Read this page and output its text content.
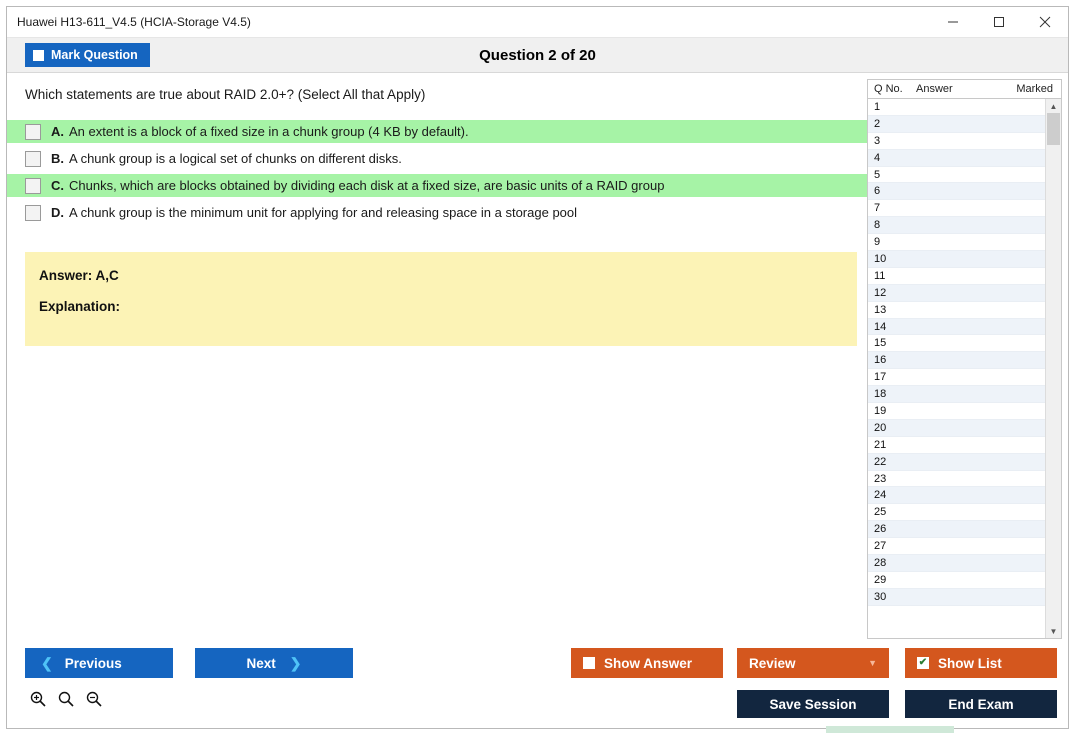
Huawei H13-611_V4.5 (HCIA-Storage V4.5)
Mark Question	Question 2 of 20
Which statements are true about RAID 2.0+? (Select All that Apply)
A. An extent is a block of a fixed size in a chunk group (4 KB by default).
B. A chunk group is a logical set of chunks on different disks.
C. Chunks, which are blocks obtained by dividing each disk at a fixed size, are basic units of a RAID group
D. A chunk group is the minimum unit for applying for and releasing space in a storage pool
Answer: A,C
Explanation:
Q No.	Answer	Marked
1
2
3
4
5
6
7
8
9
10
11
12
13
14
15
16
17
18
19
20
21
22
23
24
25
26
27
28
29
30
▲
▼
❮ Previous	Next ❯	Show Answer	Review	▼	✔ Show List
Save Session	End Exam
